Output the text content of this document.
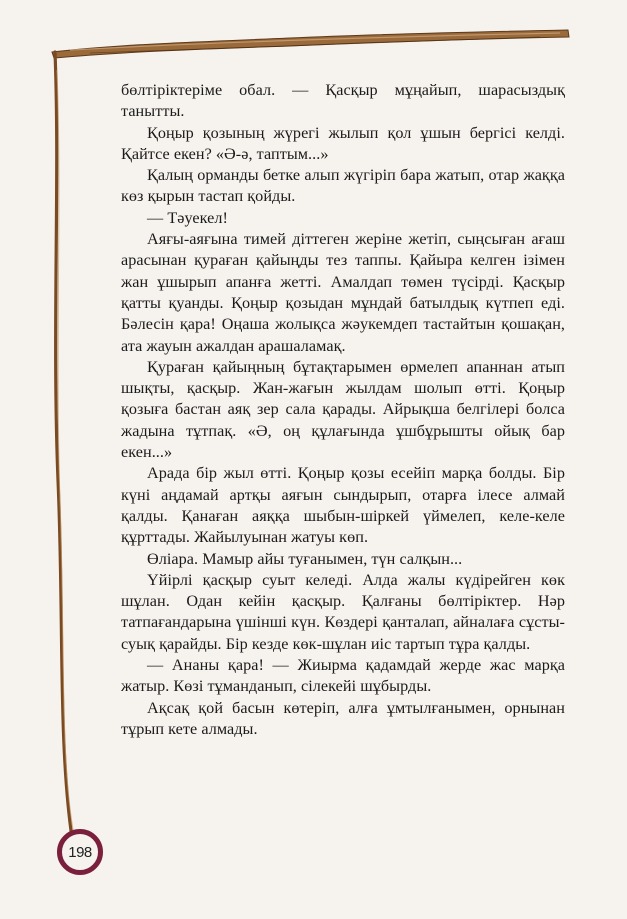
бөлтіріктеріме обал. — Қасқыр мұңайып, шарасыздық танытты.

Қоңыр қозының жүрегі жылып қол ұшын бергісі келді. Қайтсе екен? «Ә-ә, таптым...»

Қалың орманды бетке алып жүгіріп бара жатып, отар жаққа көз қырын тастап қойды.

— Тәуекел!

Аяғы-аяғына тимей діттеген жеріне жетіп, сыңсыған ағаш арасынан қураған қайыңды тез таппы. Қайыра келген ізімен жан ұшырып апанға жетті. Амалдап төмен түсірді. Қасқыр қатты қуанды. Қоңыр қозыдан мұндай батылдық күтпеп еді. Бәлесін қара! Оңаша жолықса жәукемдеп тастайтын қошақан, ата жауын ажалдан арашаламақ.

Қураған қайыңның бұтақтарымен өрмелеп апаннан атып шықты, қасқыр. Жан-жағын жылдам шолып өтті. Қоңыр қозыға бастан аяқ зер сала қарады. Айрықша белгілері болса жадына тұтпақ. «Ә, оң құлағында ұшбұрышты ойық бар екен...»

Арада бір жыл өтті. Қоңыр қозы есейіп марқа болды. Бір күні аңдамай артқы аяғын сындырып, отарға ілесе алмай қалды. Қанаған аяққа шыбын-шіркей үймелеп, келе-келе құрттады. Жайылуынан жатуы көп.

Өліара. Мамыр айы туғанымен, түн салқын...

Үйірлі қасқыр суыт келеді. Алда жалы күдірейген көк шұлан. Одан кейін қасқыр. Қалғаны бөлтіріктер. Нәр татпағандарына үшінші күн. Көздері қанталап, айналаға сұсты-суық қарайды. Бір кезде көк-шұлан иіс тартып тұра қалды.

— Ананы қара! — Жиырма қадамдай жерде жас марқа жатыр. Көзі тұманданып, сілекейі шұбырды.

Ақсақ қой басын көтеріп, алға ұмтылғанымен, орнынан тұрып кете алмады.

198
